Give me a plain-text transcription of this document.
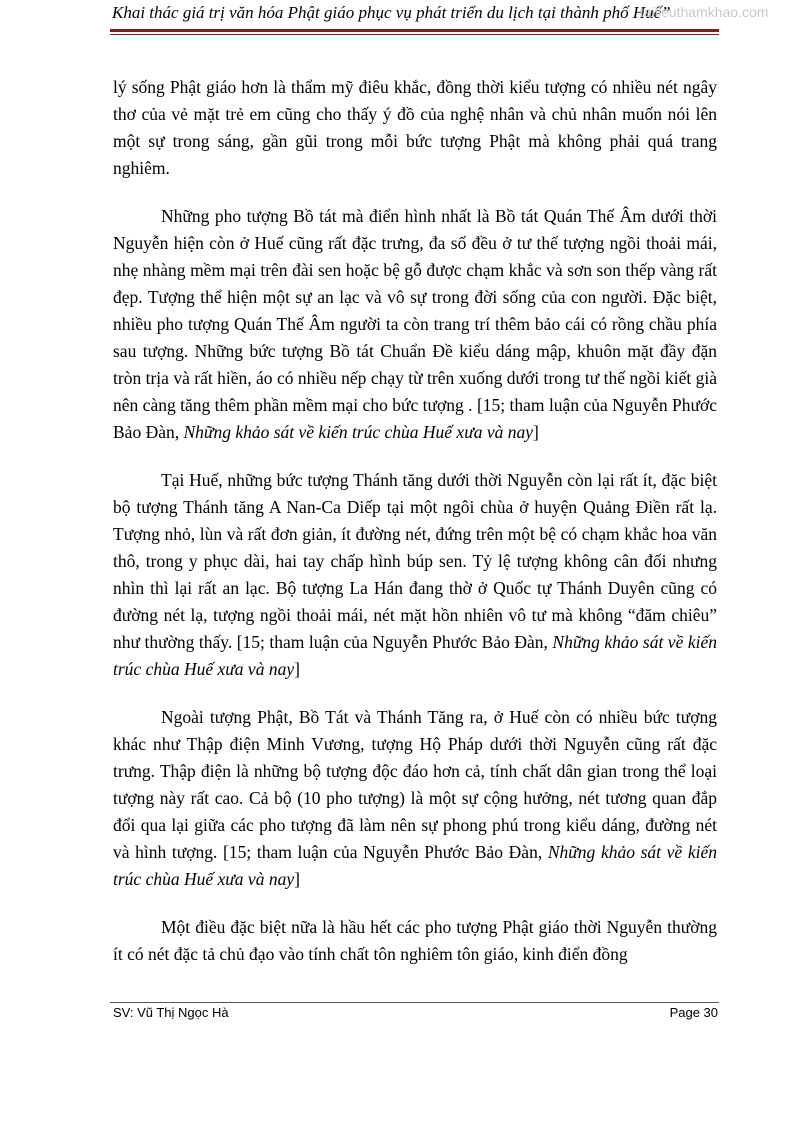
Khai thác giá trị văn hóa Phật giáo phục vụ phát triển du lịch tại thành phố Huế”
tailieuthamkhao.com

lý sống Phật giáo hơn là thẩm mỹ điêu khắc, đồng thời kiểu tượng có nhiều nét ngây thơ của vẻ mặt trẻ em cũng cho thấy ý đồ của nghệ nhân và chủ nhân muốn nói lên một sự trong sáng, gần gũi trong mỗi bức tượng Phật mà không phải quá trang nghiêm.

Những pho tượng Bồ tát mà điển hình nhất là Bồ tát Quán Thế Âm dưới thời Nguyễn hiện còn ở Huế cũng rất đặc trưng, đa số đều ở tư thế tượng ngồi thoải mái, nhẹ nhàng mềm mại trên đài sen hoặc bệ gỗ được chạm khắc và sơn son thếp vàng rất đẹp. Tượng thể hiện một sự an lạc và vô sự trong đời sống của con người. Đặc biệt, nhiều pho tượng Quán Thế Âm người ta còn trang trí thêm bảo cái có rồng chầu phía sau tượng. Những bức tượng Bồ tát Chuẩn Đề kiểu dáng mập, khuôn mặt đầy đặn tròn trịa và rất hiền, áo có nhiều nếp chạy từ trên xuống dưới trong tư thế ngồi kiết già nên càng tăng thêm phần mềm mại cho bức tượng . [15; tham luận của Nguyễn Phước Bảo Đàn, Những khảo sát về kiến trúc chùa Huế xưa và nay]

Tại Huế, những bức tượng Thánh tăng dưới thời Nguyễn còn lại rất ít, đặc biệt bộ tượng Thánh tăng A Nan-Ca Diếp tại một ngôi chùa ở huyện Quảng Điền rất lạ. Tượng nhỏ, lùn và rất đơn giản, ít đường nét, đứng trên một bệ có chạm khắc hoa văn thô, trong y phục dài, hai tay chấp hình búp sen. Tỷ lệ tượng không cân đối nhưng nhìn thì lại rất an lạc. Bộ tượng La Hán đang thờ ở Quốc tự Thánh Duyên cũng có đường nét lạ, tượng ngồi thoải mái, nét mặt hồn nhiên vô tư mà không “đăm chiêu” như thường thấy. [15; tham luận của Nguyễn Phước Bảo Đàn, Những khảo sát về kiến trúc chùa Huế xưa và nay]

Ngoài tượng Phật, Bồ Tát và Thánh Tăng ra, ở Huế còn có nhiều bức tượng khác như Thập điện Minh Vương, tượng Hộ Pháp dưới thời Nguyễn cũng rất đặc trưng. Thập điện là những bộ tượng độc đáo hơn cả, tính chất dân gian trong thể loại tượng này rất cao. Cả bộ (10 pho tượng) là một sự cộng hưởng, nét tương quan đắp đổi qua lại giữa các pho tượng đã làm nên sự phong phú trong kiểu dáng, đường nét và hình tượng. [15; tham luận của Nguyễn Phước Bảo Đàn, Những khảo sát về kiến trúc chùa Huế xưa và nay]

Một điều đặc biệt nữa là hầu hết các pho tượng Phật giáo thời Nguyễn thường ít có nét đặc tả chủ đạo vào tính chất tôn nghiêm tôn giáo, kinh điển đồng

SV: Vũ Thị Ngọc Hà	Page 30
